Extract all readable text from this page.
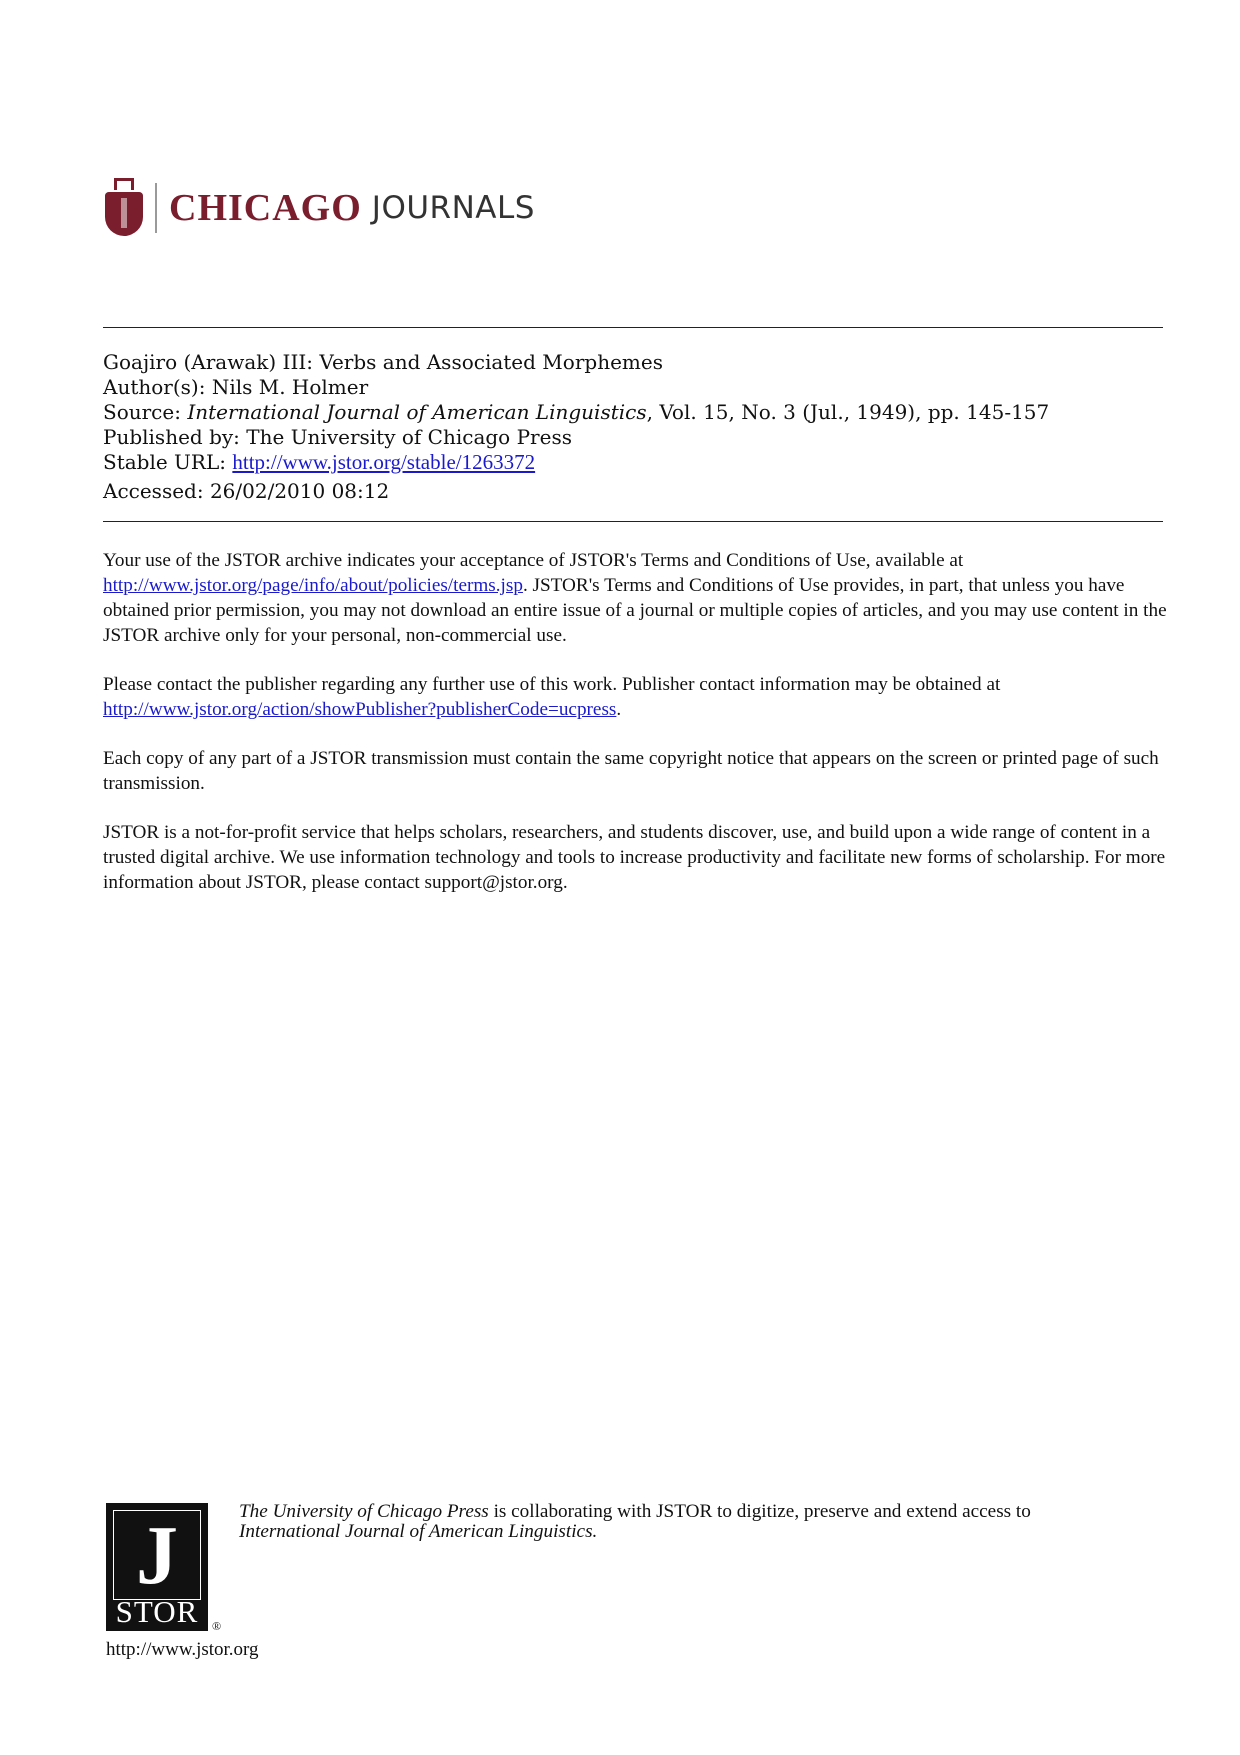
CHICAGO JOURNALS
Goajiro (Arawak) III: Verbs and Associated Morphemes
Author(s): Nils M. Holmer
Source: International Journal of American Linguistics, Vol. 15, No. 3 (Jul., 1949), pp. 145-157
Published by: The University of Chicago Press
Stable URL: http://www.jstor.org/stable/1263372
Accessed: 26/02/2010 08:12

Your use of the JSTOR archive indicates your acceptance of JSTOR's Terms and Conditions of Use, available at http://www.jstor.org/page/info/about/policies/terms.jsp. JSTOR's Terms and Conditions of Use provides, in part, that unless you have obtained prior permission, you may not download an entire issue of a journal or multiple copies of articles, and you may use content in the JSTOR archive only for your personal, non-commercial use.

Please contact the publisher regarding any further use of this work. Publisher contact information may be obtained at http://www.jstor.org/action/showPublisher?publisherCode=ucpress.

Each copy of any part of a JSTOR transmission must contain the same copyright notice that appears on the screen or printed page of such transmission.

JSTOR is a not-for-profit service that helps scholars, researchers, and students discover, use, and build upon a wide range of content in a trusted digital archive. We use information technology and tools to increase productivity and facilitate new forms of scholarship. For more information about JSTOR, please contact support@jstor.org.

J
STOR	®
http://www.jstor.org
The University of Chicago Press is collaborating with JSTOR to digitize, preserve and extend access to
International Journal of American Linguistics.
